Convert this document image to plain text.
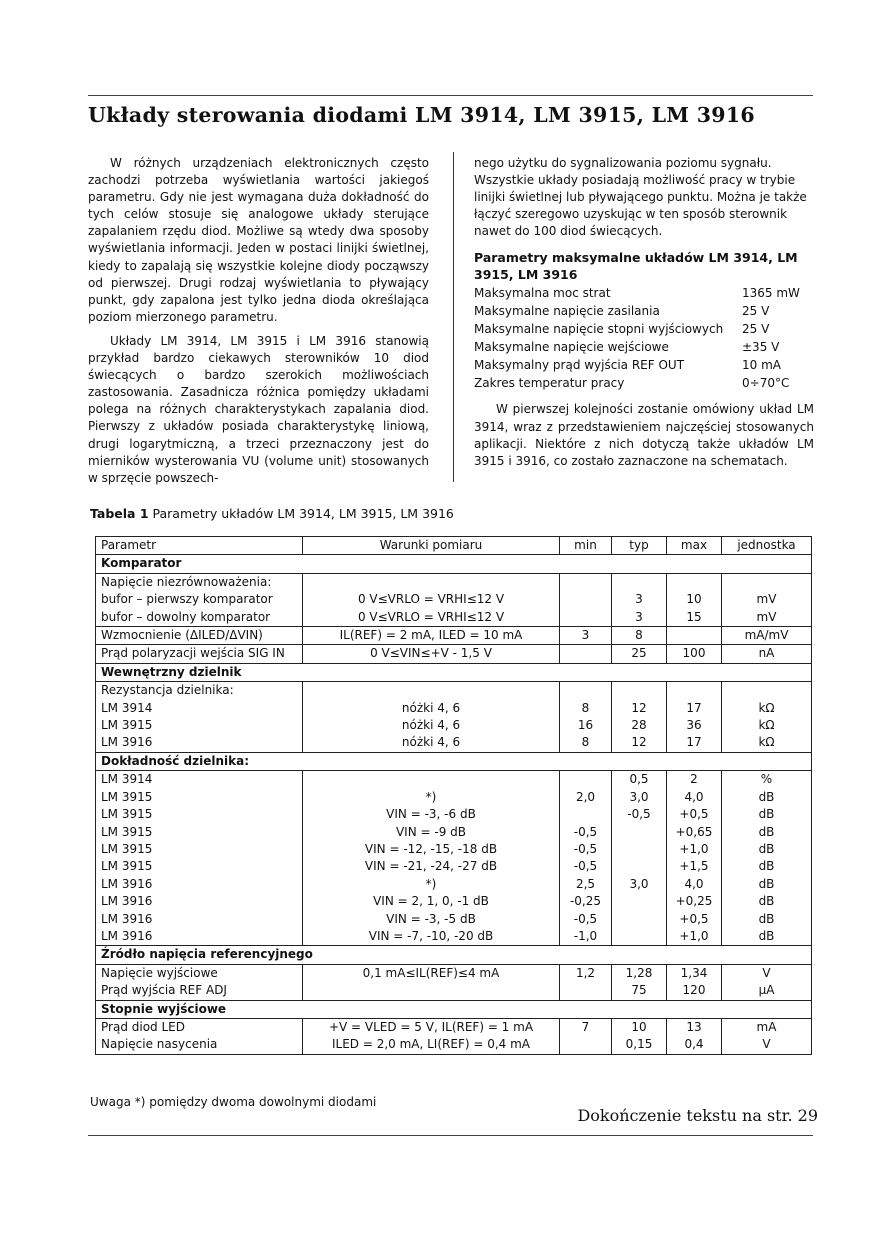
Układy sterowania diodami LM 3914, LM 3915, LM 3916

W różnych urządzeniach elektronicznych często zachodzi potrzeba wyświetlania wartości jakiegoś parametru. Gdy nie jest wymagana duża dokładność do tych celów stosuje się analogowe układy sterujące zapalaniem rzędu diod. Możliwe są wtedy dwa sposoby wyświetlania informacji. Jeden w postaci linijki świetlnej, kiedy to zapalają się wszystkie kolejne diody począwszy od pierwszej. Drugi rodzaj wyświetlania to pływający punkt, gdy zapalona jest tylko jedna dioda określająca poziom mierzonego parametru.

Układy LM 3914, LM 3915 i LM 3916 stanowią przykład bardzo ciekawych sterowników 10 diod świecących o bardzo szerokich możliwościach zastosowania. Zasadnicza różnica pomiędzy układami polega na różnych charakterystykach zapalania diod. Pierwszy z układów posiada charakterystykę liniową, drugi logarytmiczną, a trzeci przeznaczony jest do mierników wysterowania VU (volume unit) stosowanych w sprzęcie powszech-

nego użytku do sygnalizowania poziomu sygnału. Wszystkie układy posiadają możliwość pracy w trybie linijki świetlnej lub pływającego punktu. Można je także łączyć szeregowo uzyskując w ten sposób sterownik nawet do 100 diod świecących.

Parametry maksymalne układów LM 3914, LM 3915, LM 3916

Maksymalna moc strat	1365 mW
Maksymalne napięcie zasilania	25 V
Maksymalne napięcie stopni wyjściowych	25 V
Maksymalne napięcie wejściowe	±35 V
Maksymalny prąd wyjścia REF OUT	10 mA
Zakres temperatur pracy	0÷70°C

W pierwszej kolejności zostanie omówiony układ LM 3914, wraz z przedstawieniem najczęściej stosowanych aplikacji. Niektóre z nich dotyczą także układów LM 3915 i 3916, co zostało zaznaczone na schematach.

Tabela 1 Parametry układów LM 3914, LM 3915, LM 3916
Parametr	Warunki pomiaru	min	typ	max	jednostka
Komparator					
Napięcie niezrównoważenia:					
bufor – pierwszy komparator	0 V≤VRLO = VRHI≤12 V		3	10	mV
bufor – dowolny komparator	0 V≤VRLO = VRHI≤12 V		3	15	mV
Wzmocnienie (ΔILED/ΔVIN)	IL(REF) = 2 mA, ILED = 10 mA	3	8		mA/mV
Prąd polaryzacji wejścia SIG IN	0 V≤VIN≤+V - 1,5 V		25	100	nA
Wewnętrzny dzielnik					
Rezystancja dzielnika:					
LM 3914	nóżki 4, 6	8	12	17	kΩ
LM 3915	nóżki 4, 6	16	28	36	kΩ
LM 3916	nóżki 4, 6	8	12	17	kΩ
Dokładność dzielnika:					
LM 3914			0,5	2	%
LM 3915	*)	2,0	3,0	4,0	dB
LM 3915	VIN = -3, -6 dB		-0,5	+0,5	dB
LM 3915	VIN = -9 dB	-0,5		+0,65	dB
LM 3915	VIN = -12, -15, -18 dB	-0,5		+1,0	dB
LM 3915	VIN = -21, -24, -27 dB	-0,5		+1,5	dB
LM 3916	*)	2,5	3,0	4,0	dB
LM 3916	VIN = 2, 1, 0, -1 dB	-0,25		+0,25	dB
LM 3916	VIN = -3, -5 dB	-0,5		+0,5	dB
LM 3916	VIN = -7, -10, -20 dB	-1,0		+1,0	dB
Źródło napięcia referencyjnego					
Napięcie wyjściowe	0,1 mA≤IL(REF)≤4 mA	1,2	1,28	1,34	V
Prąd wyjścia REF ADJ			75	120	μA
Stopnie wyjściowe					
Prąd diod LED	+V = VLED = 5 V, IL(REF) = 1 mA	7	10	13	mA
Napięcie nasycenia	ILED = 2,0 mA, LI(REF) = 0,4 mA		0,15	0,4	V
Uwaga *) pomiędzy dwoma dowolnymi diodami
Dokończenie tekstu na str. 29
